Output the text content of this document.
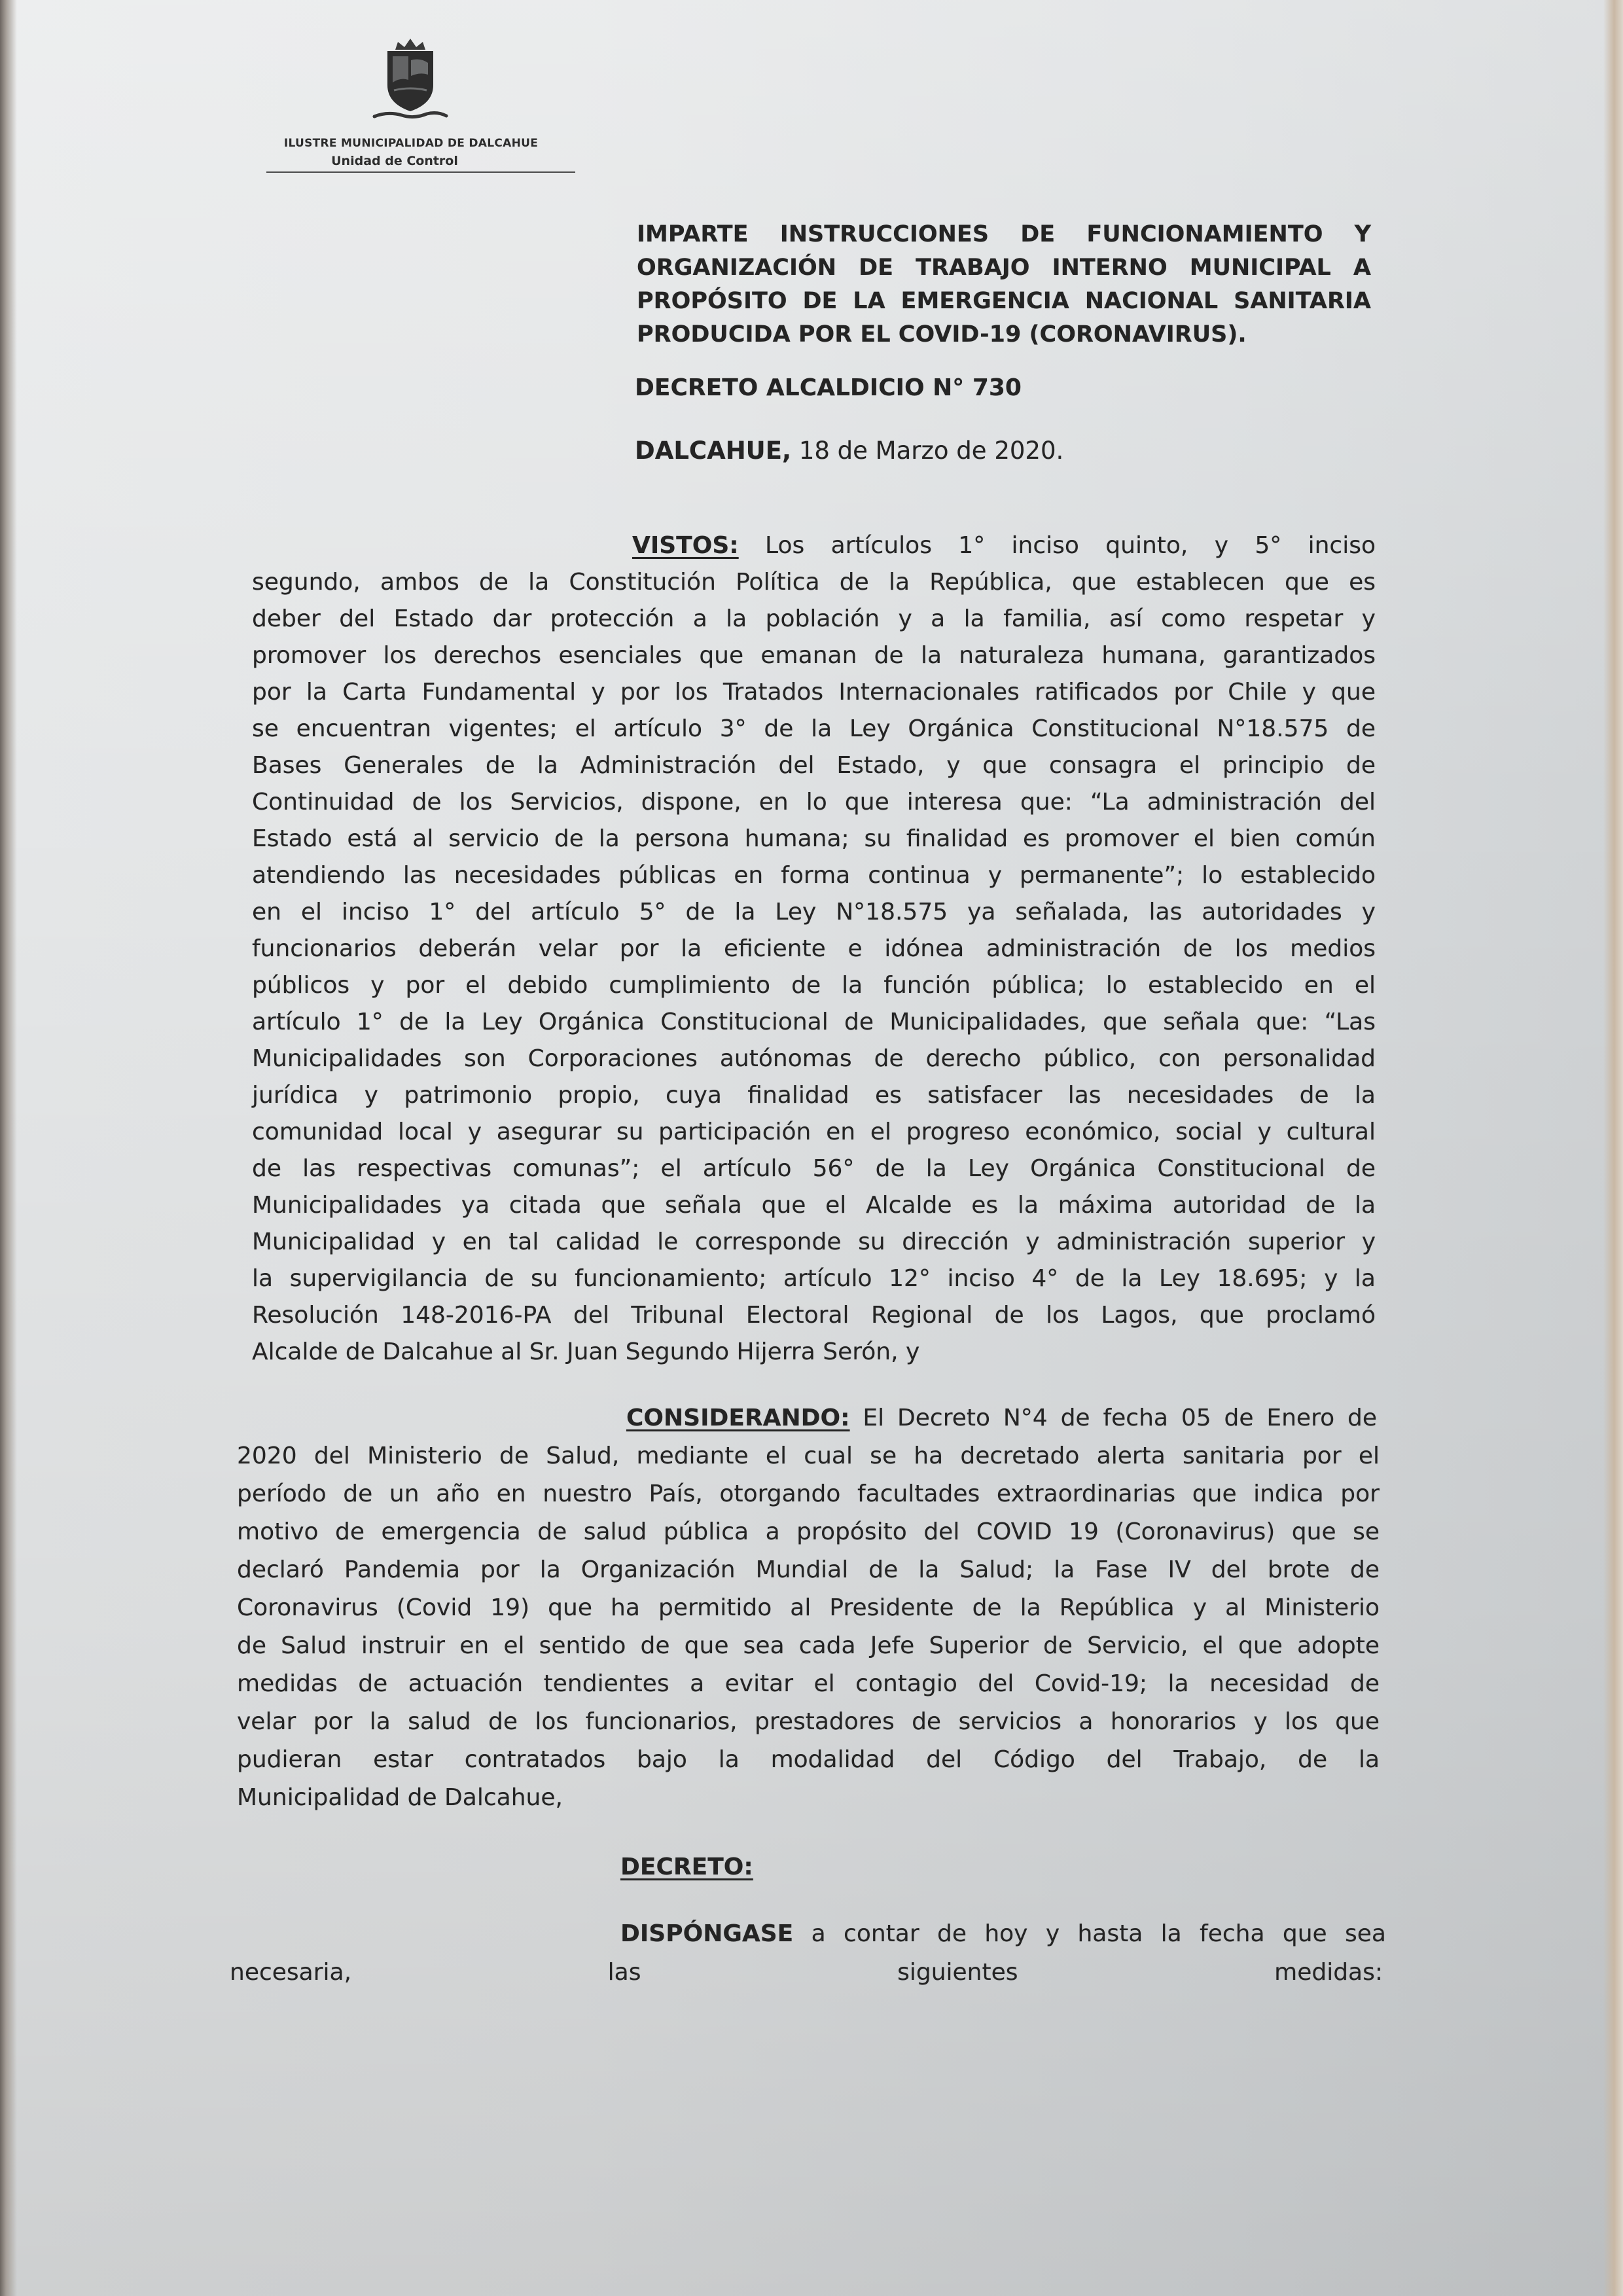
ILUSTRE MUNICIPALIDAD DE DALCAHUE
Unidad de Control
IMPARTE INSTRUCCIONES DE FUNCIONAMIENTO Y
ORGANIZACIÓN DE TRABAJO INTERNO MUNICIPAL A
PROPÓSITO DE LA EMERGENCIA NACIONAL SANITARIA
PRODUCIDA POR EL COVID-19 (CORONAVIRUS).
DECRETO ALCALDICIO N° 730
DALCAHUE, 18 de Marzo de 2020.
VISTOS: Los artículos 1° inciso quinto, y 5° inciso
segundo, ambos de la Constitución Política de la República, que establecen que es
deber del Estado dar protección a la población y a la familia, así como respetar y
promover los derechos esenciales que emanan de la naturaleza humana, garantizados
por la Carta Fundamental y por los Tratados Internacionales ratificados por Chile y que
se encuentran vigentes; el artículo 3° de la Ley Orgánica Constitucional N°18.575 de
Bases Generales de la Administración del Estado, y que consagra el principio de
Continuidad de los Servicios, dispone, en lo que interesa que: “La administración del
Estado está al servicio de la persona humana; su finalidad es promover el bien común
atendiendo las necesidades públicas en forma continua y permanente”; lo establecido
en el inciso 1° del artículo 5° de la Ley N°18.575 ya señalada, las autoridades y
funcionarios deberán velar por la eficiente e idónea administración de los medios
públicos y por el debido cumplimiento de la función pública; lo establecido en el
artículo 1° de la Ley Orgánica Constitucional de Municipalidades, que señala que: “Las
Municipalidades son Corporaciones autónomas de derecho público, con personalidad
jurídica y patrimonio propio, cuya finalidad es satisfacer las necesidades de la
comunidad local y asegurar su participación en el progreso económico, social y cultural
de las respectivas comunas”; el artículo 56° de la Ley Orgánica Constitucional de
Municipalidades ya citada que señala que el Alcalde es la máxima autoridad de la
Municipalidad y en tal calidad le corresponde su dirección y administración superior y
la supervigilancia de su funcionamiento; artículo 12° inciso 4° de la Ley 18.695; y la
Resolución 148-2016-PA del Tribunal Electoral Regional de los Lagos, que proclamó
Alcalde de Dalcahue al Sr. Juan Segundo Hijerra Serón, y
CONSIDERANDO: El Decreto N°4 de fecha 05 de Enero de
2020 del Ministerio de Salud, mediante el cual se ha decretado alerta sanitaria por el
período de un año en nuestro País, otorgando facultades extraordinarias que indica por
motivo de emergencia de salud pública a propósito del COVID 19 (Coronavirus) que se
declaró Pandemia por la Organización Mundial de la Salud; la Fase IV del brote de
Coronavirus (Covid 19) que ha permitido al Presidente de la República y al Ministerio
de Salud instruir en el sentido de que sea cada Jefe Superior de Servicio, el que adopte
medidas de actuación tendientes a evitar el contagio del Covid-19; la necesidad de
velar por la salud de los funcionarios, prestadores de servicios a honorarios y los que
pudieran estar contratados bajo la modalidad del Código del Trabajo, de la
Municipalidad de Dalcahue,
DECRETO:
DISPÓNGASE a contar de hoy y hasta la fecha que sea
necesaria, las siguientes medidas:
